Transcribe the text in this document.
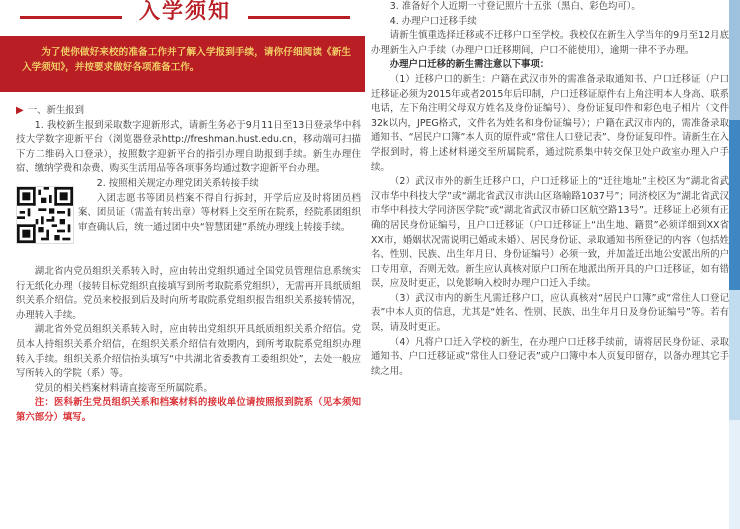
入学须知

为了使你做好来校的准备工作并了解入学报到手续，请你仔细阅读《新生入学须知》，并按要求做好各项准备工作。

▶ 一、新生报到

1. 我校新生报到采取数字迎新形式，请新生务必于9月11日至13日登录华中科技大学数字迎新平台（浏览器登录http://freshman.hust.edu.cn，移动端可扫描下方二维码入口登录），按照数字迎新平台的指引办理自助报到手续。新生办理住宿、缴纳学费和杂费、购买生活用品等各项事务均通过数字迎新平台办理。

2. 按照相关规定办理党团关系转接手续

入团志愿书等团员档案不得自行拆封，开学后应及时将团员档案、团员证（需盖有转出章）等材料上交至所在院系，经院系团组织审查确认后，统一通过团中央“智慧团建”系统办理线上转接手续。

湖北省内党员组织关系转入时，应由转出党组织通过全国党员管理信息系统实行无纸化办理（接转目标党组织直接填写到所考取院系党组织），无需再开具纸质组织关系介绍信。党员来校报到后及时向所考取院系党组织报告组织关系接转情况，办理转入手续。

湖北省外党员组织关系转入时，应由转出党组织开具纸质组织关系介绍信。党员本人持组织关系介绍信，在组织关系介绍信有效期内，到所考取院系党组织办理转入手续。组织关系介绍信抬头填写“中共湖北省委教育工委组织处”，去处一般应写所转入的学院（系）等。

党员的相关档案材料请直接寄至所属院系。

注：医科新生党员组织关系和档案材料的接收单位请按照报到院系（见本须知第六部分）填写。

3. 准备好个人近期一寸登记照片十五张（黑白、彩色均可）。

4. 办理户口迁移手续

请新生慎重选择迁移或不迁移户口至学校。我校仅在新生入学当年的9月至12月底办理新生入户手续（办理户口迁移期间，户口不能使用），逾期一律不予办理。

办理户口迁移的新生需注意以下事项：

（1）迁移户口的新生：户籍在武汉市外的需准备录取通知书、户口迁移证（户口迁移证必须为2015年或者2015年后印制，户口迁移证原件右上角注明本人身高、联系电话，左下角注明父母双方姓名及身份证编号）、身份证复印件和彩色电子相片（文件32k以内，JPEG格式，文件名为姓名和身份证编号）；户籍在武汉市内的，需准备录取通知书、“居民户口簿”本人页的原件或“常住人口登记表”、身份证复印件。请新生在入学报到时，将上述材料递交至所属院系，通过院系集中转交保卫处户政室办理入户手续。

（2）武汉市外的新生迁移户口，户口迁移证上的“迁往地址”主校区为“湖北省武汉市华中科技大学”或“湖北省武汉市洪山区珞喻路1037号”；同济校区为“湖北省武汉市华中科技大学同济医学院”或“湖北省武汉市硚口区航空路13号”。迁移证上必须有正确的居民身份证编号，且户口迁移证（户口迁移证上“出生地、籍贯”必须详细到XX省XX市，婚姻状况需说明已婚或未婚）、居民身份证、录取通知书所登记的内容（包括姓名、性别、民族、出生年月日、身份证编号）必须一致，并加盖迁出地公安派出所的户口专用章，否则无效。新生应认真核对原户口所在地派出所开具的户口迁移证，如有错误，应及时更正，以免影响入校时办理户口迁入手续。

（3）武汉市内的新生凡需迁移户口，应认真核对“居民户口簿”或“常住人口登记表”中本人页的信息，尤其是“姓名、性别、民族、出生年月日及身份证编号”等。若有误，请及时更正。

（4）凡将户口迁入学校的新生，在办理户口迁移手续前，请将居民身份证、录取通知书、户口迁移证或“常住人口登记表”或户口簿中本人页复印留存，以备办理其它手续之用。
